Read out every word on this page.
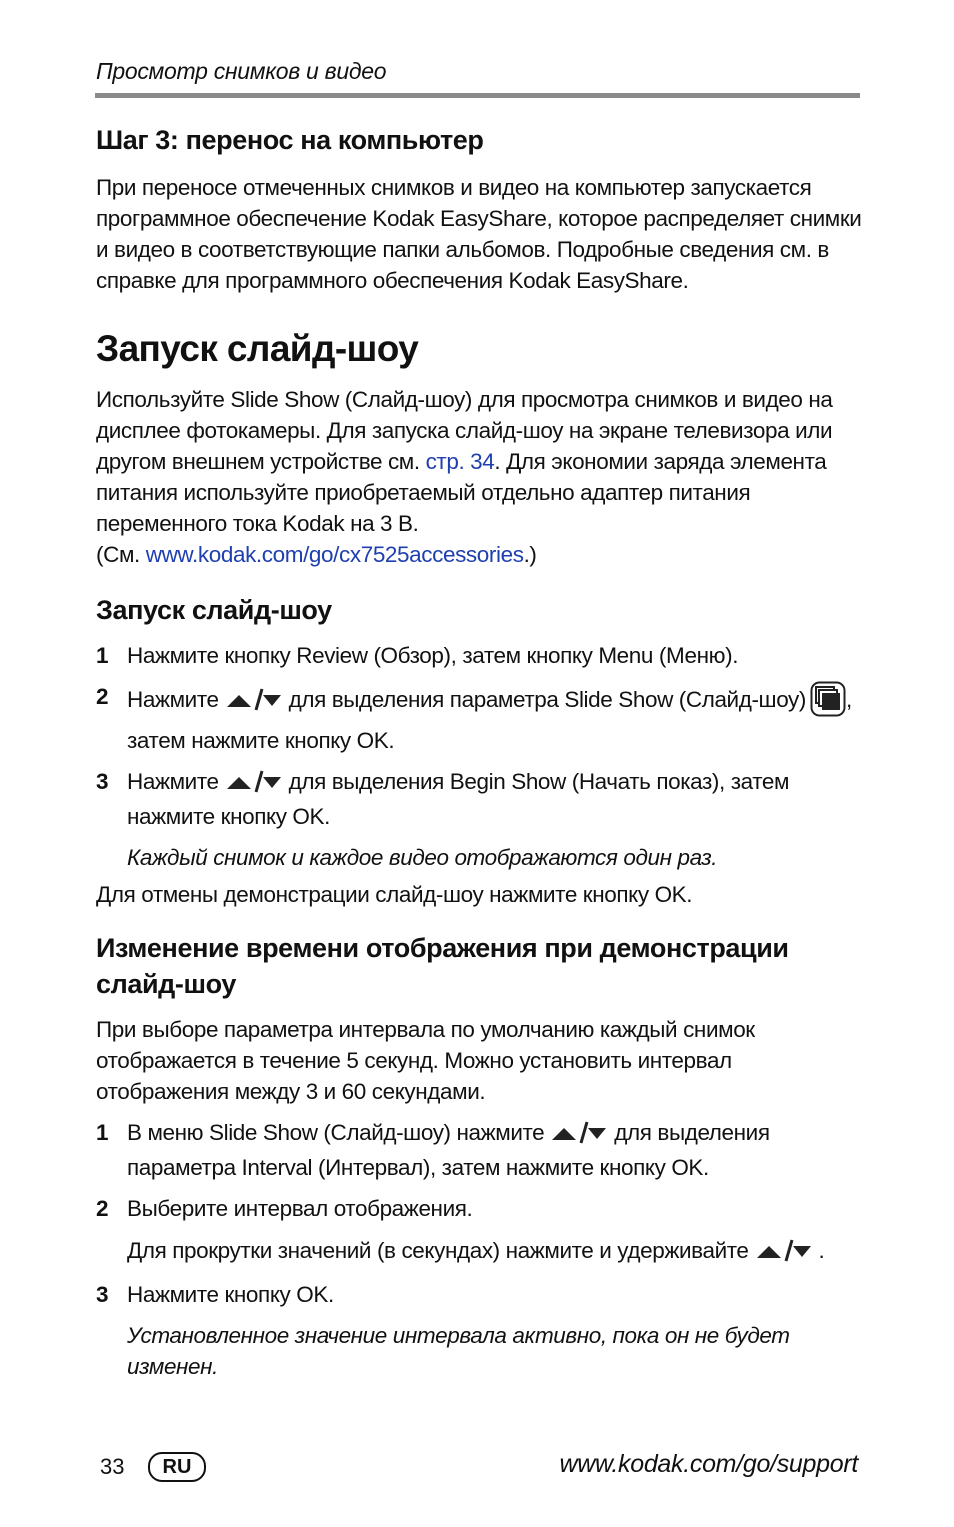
Просмотр снимков и видео
Шаг 3: перенос на компьютер

При переносе отмеченных снимков и видео на компьютер запускается программное обеспечение Kodak EasyShare, которое распределяет снимки и видео в соответствующие папки альбомов. Подробные сведения см. в справке для программного обеспечения Kodak EasyShare.

Запуск слайд-шоу

Используйте Slide Show (Слайд-шоу) для просмотра снимков и видео на дисплее фотокамеры. Для запуска слайд-шоу на экране телевизора или другом внешнем устройстве см. стр. 34. Для экономии заряда элемента питания используйте приобретаемый отдельно адаптер питания переменного тока Kodak на 3 В.
(См. www.kodak.com/go/cx7525accessories.)

Запуск слайд-шоу
1 Нажмите кнопку Review (Обзор), затем кнопку Menu (Меню).
2 Нажмите	для выделения параметра Slide Show (Слайд-шоу) ,
затем нажмите кнопку OK.
3 Нажмите	для выделения Begin Show (Начать показ), затем
нажмите кнопку OK.
Каждый снимок и каждое видео отображаются один раз.

Для отмены демонстрации слайд-шоу нажмите кнопку OK.

Изменение времени отображения при демонстрации слайд-шоу

При выборе параметра интервала по умолчанию каждый снимок отображается в течение 5 секунд. Можно установить интервал отображения между 3 и 60 секундами.

1 В меню Slide Show (Слайд-шоу) нажмите	для выделения
параметра Interval (Интервал), затем нажмите кнопку OK.
2 Выберите интервал отображения.
Для прокрутки значений (в секундах) нажмите и удерживайте	.
3 Нажмите кнопку OK.
Установленное значение интервала активно, пока он не будет изменен.
33	RU	www.kodak.com/go/support
